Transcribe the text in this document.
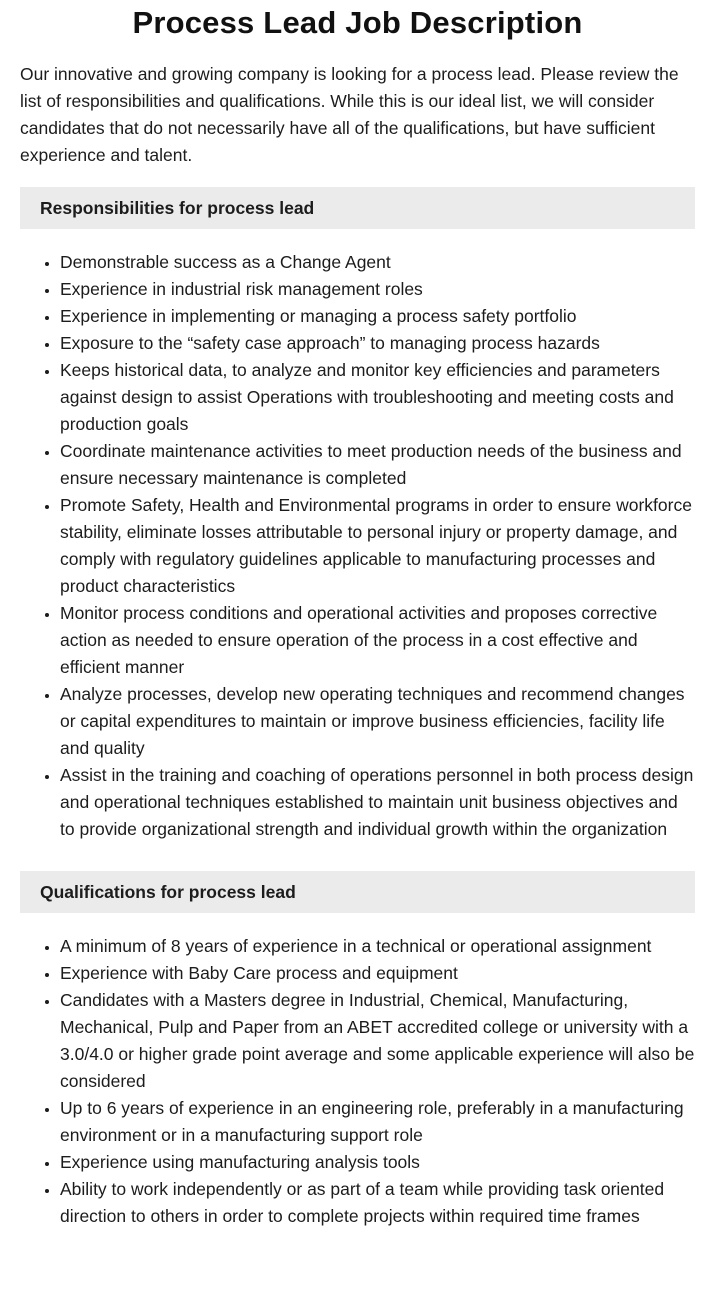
Process Lead Job Description

Our innovative and growing company is looking for a process lead. Please review the list of responsibilities and qualifications. While this is our ideal list, we will consider candidates that do not necessarily have all of the qualifications, but have sufficient experience and talent.

Responsibilities for process lead
• Demonstrable success as a Change Agent
• Experience in industrial risk management roles
• Experience in implementing or managing a process safety portfolio
• Exposure to the “safety case approach” to managing process hazards
• Keeps historical data, to analyze and monitor key efficiencies and parameters against design to assist Operations with troubleshooting and meeting costs and production goals
• Coordinate maintenance activities to meet production needs of the business and ensure necessary maintenance is completed
• Promote Safety, Health and Environmental programs in order to ensure workforce stability, eliminate losses attributable to personal injury or property damage, and comply with regulatory guidelines applicable to manufacturing processes and product characteristics
• Monitor process conditions and operational activities and proposes corrective action as needed to ensure operation of the process in a cost effective and efficient manner
• Analyze processes, develop new operating techniques and recommend changes or capital expenditures to maintain or improve business efficiencies, facility life and quality
• Assist in the training and coaching of operations personnel in both process design and operational techniques established to maintain unit business objectives and to provide organizational strength and individual growth within the organization
Qualifications for process lead
• A minimum of 8 years of experience in a technical or operational assignment
• Experience with Baby Care process and equipment
• Candidates with a Masters degree in Industrial, Chemical, Manufacturing, Mechanical, Pulp and Paper from an ABET accredited college or university with a 3.0/4.0 or higher grade point average and some applicable experience will also be considered
• Up to 6 years of experience in an engineering role, preferably in a manufacturing environment or in a manufacturing support role
• Experience using manufacturing analysis tools
• Ability to work independently or as part of a team while providing task oriented direction to others in order to complete projects within required time frames
